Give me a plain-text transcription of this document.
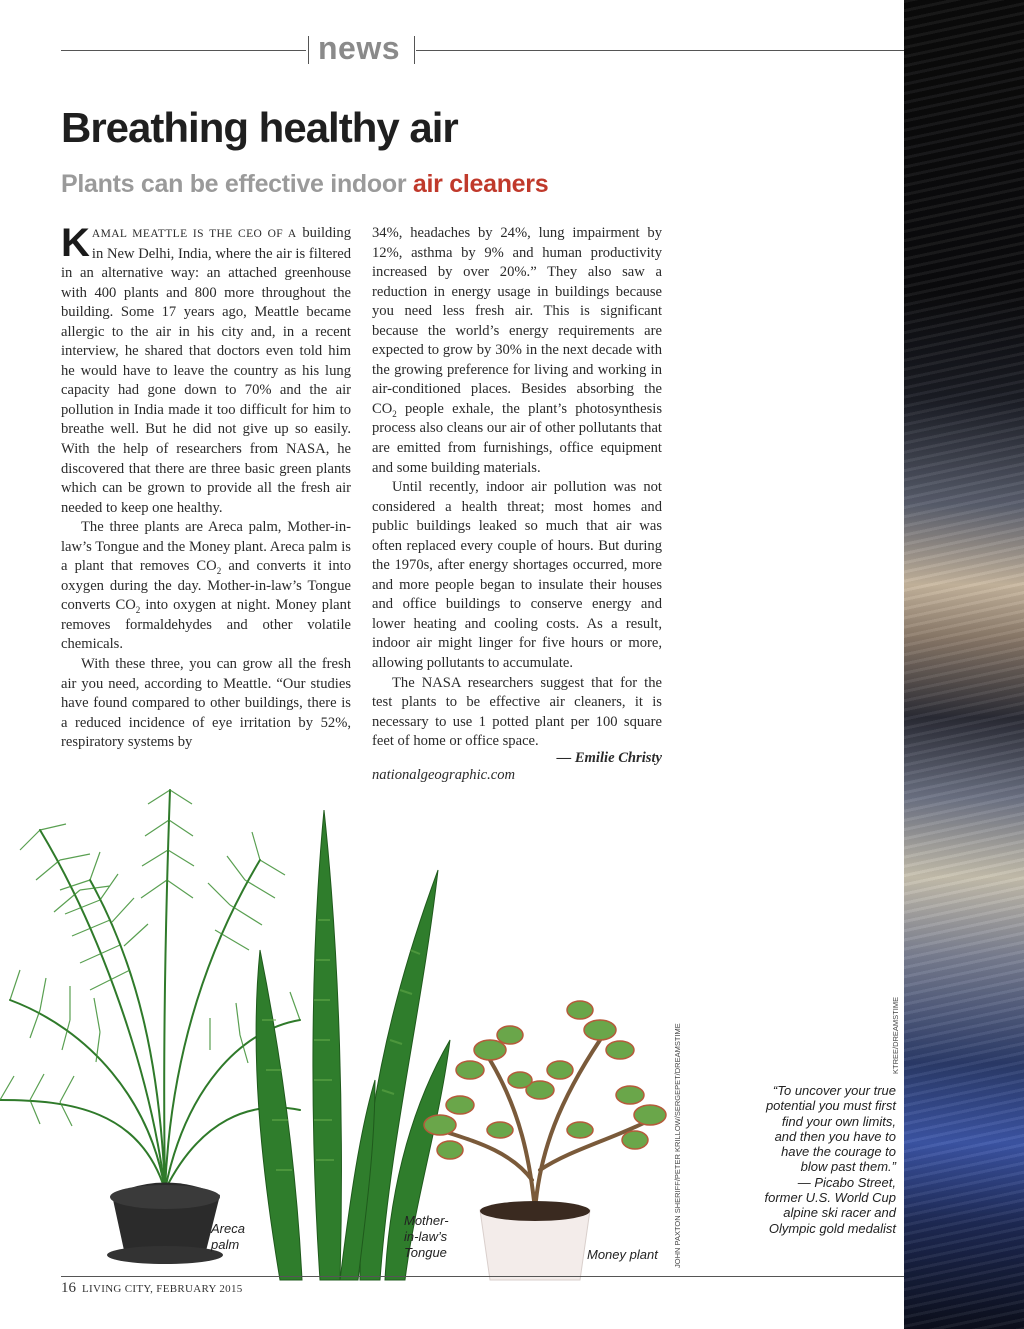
news
Breathing healthy air
Plants can be effective indoor air cleaners

KAMAL MEATTLE IS THE CEO OF A building in New Delhi, India, where the air is filtered in an alternative way: an attached greenhouse with 400 plants and 800 more throughout the building. Some 17 years ago, Meattle became allergic to the air in his city and, in a recent interview, he shared that doctors even told him he would have to leave the country as his lung capacity had gone down to 70% and the air pollution in India made it too difficult for him to breathe well. But he did not give up so easily. With the help of researchers from NASA, he discovered that there are three basic green plants which can be grown to provide all the fresh air needed to keep one healthy.

The three plants are Areca palm, Mother-in-law’s Tongue and the Money plant. Areca palm is a plant that removes $CO_2$ and converts it into oxygen during the day. Mother-in-law’s Tongue converts $CO_2$ into oxygen at night. Money plant removes formaldehydes and other volatile chemicals.

With these three, you can grow all the fresh air you need, according to Meattle. “Our studies have found compared to other buildings, there is a reduced incidence of eye irritation by 52%, respiratory systems by

34%, headaches by 24%, lung impairment by 12%, asthma by 9% and human productivity increased by over 20%.” They also saw a reduction in energy usage in buildings because you need less fresh air. This is significant because the world’s energy requirements are expected to grow by 30% in the next decade with the growing preference for living and working in air-conditioned places. Besides absorbing the $CO_2$ people exhale, the plant’s photosynthesis process also cleans our air of other pollutants that are emitted from furnishings, office equipment and some building materials.

Until recently, indoor air pollution was not considered a health threat; most homes and public buildings leaked so much that air was often replaced every couple of hours. But during the 1970s, after energy shortages occurred, more and more people began to insulate their houses and office buildings to conserve energy and lower heating and cooling costs. As a result, indoor air might linger for five hours or more, allowing pollutants to accumulate.

The NASA researchers suggest that for the test plants to be effective air cleaners, it is necessary to use 1 potted plant per 100 square feet of home or office space.

— Emilie Christy

nationalgeographic.com

JOHN PAXTON SHERIFF/PETER KRILLOW/SERGEPET/DREAMSTIME	KTREE/DREAMSTIME
Areca palm
Mother-in-law’s Tongue	Money plant
“To uncover your true potential you must first find your own limits, and then you have to have the courage to blow past them.”
— Picabo Street, former U.S. World Cup alpine ski racer and Olympic gold medalist
16 LIVING CITY, FEBRUARY 2015
